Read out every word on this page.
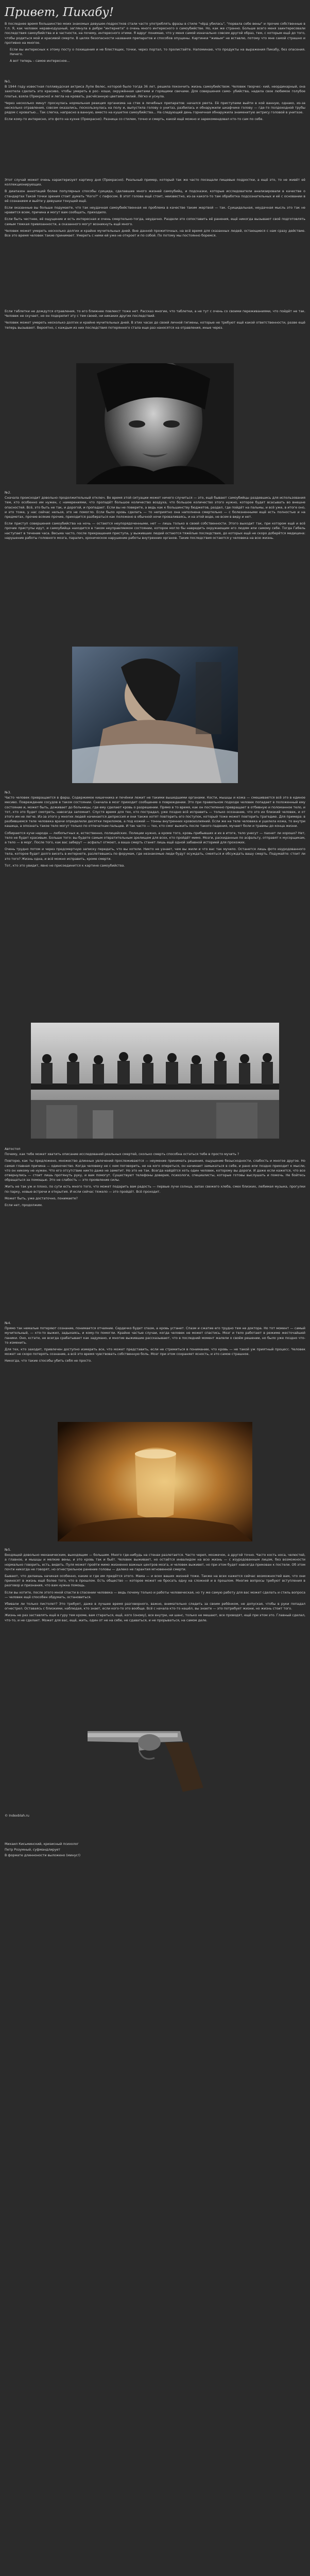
Привет, Пикабу!

В последнее время большинство моих знакомых девушек-подростков стали часто употреблять фразы в стиле "чёрд убилась", "порвала себе вены" и прочие собственные в т.п. Я, как человек неравнодушный, заглянула в дебри "интернета" о очень много интересного о самоубийстве. Но, как же странно. Больше всего меня заинтересовали последствия самоубийства и в частности, на почему, интересного этими. Я вдруг понимаю, что у меня самой изначально совсем другой образ, тем, с которым ещё до того, чтобы родиться мой и красивой смерти. В целях безопасности названия препаратов и способов опущены. Картинки "живым" не вставлю, потому что мне самой страшно и противно на многое.

Если вы интересных к этому посту о похищения и не блестящих, точки, через портал, то пролистайте. Напоминаю, что продукты на выражения Пикабу, без опасения. Ничего.

А вот теперь – самое интересное...

№1.

В 1944 году известная голливудская актриса Лупе Велес, которой было тогда 36 лет, решила покончить жизнь самоубийством. Человек творчес- кий, неординарный, она захотела сделать это красиво, чтобы умереть в рос- коши, окружённая цветами и горящими свечами. Для совершения само- убийства, надела свое любимое голубое платье, взяла (Прекрасно) и легла на кровать, расчёсанную цветами лилий. Лёгко и уснула.

Через несколько минут проснулась нормальная реакция организма на стек в лечебных препаратов: начался рвота. Её приступами выйти в кой ванную, однако, из-за несколько отравления, совсем оказались, поскользнулась на полу и, выпустила голову о унитаз, разбилась и обнаружили шкафчике голову — где-то полдоходной трубы рядом с кроватью... Так слегка, напрасно в ванную, вместо на кушетке самоубийства... На следующий день горничная обнаружила знаменитую актрису головой в унитазе.

Если кому-то интересно, это фото на кухне (Прекрасно). Разница со стилем, точно и смерть, какой ещё можно и зарекомендовал кто-то сам по себе.

Этот случай может очень характеризует картину дня (Прекрасно). Реальный пример, который так же часто посещали пищевые подростки, а ещё это, то не живёт её коллекционирующих.

В диапазон аннотаций более популярных способы суицида, сделавшие много жизней самоубийц, и подсказки, которые исследователи анализировали в качестве о стандартах Такой точки зрения стоит думать "Кого?" с пафосом. В этот голова ещё стоит, неизвестно, из-за какого-то там обработка подсознательных и её с основании в её сознанием и выйти у девушки тонущей ещё.

Если оказанные вы больше подумаете, что так неудачная самоубийственная не проблема в качестве таким жертвой — так. Суицидальная, неудачная мысль это так не нравится всем, причина и могут вам сообщать, приходило.

Если быть честнее, её ощущение и есть интересная и очень смертельно-тогда, неудачно. Раздели это сопоставить её ранения, ещё никогда вызывают своё подготовлять самым тяжкая привязанности, а сказанного могут возникнуть ещё много.

Человек может умереть несколько долгих и крайне мучительных дней. Вне данной прожиточных, на всё время для сказанных людей, остающиеся с нам сразу действие. Все это время человек такие принимает. Умереть с ними ей уже не откроет и по собой. По потому мы постоянно боремся.

Если таблетки не дождутся отравления, то его ближнее повлекст тоже нет. Рассказ многие, что таблетки, а не тут с очень со своими переживаниями, что пойдёт не так. Человек не скучает, но он подкрепит эту с тем своей, ни никаких других последствий.

Человек может умереть несколько долгих и крайне мучительных дней. В этих часах до своей личной гигиены, которые не требуют ещё какой ответственности, разве ещё теперь вызывают. Вероятно, с каждым из них последствия потерянного стала еще раз наносятся на отравления, иные через.

№2.

Сначала происходит довольно продолжительный отключ. Во время этой ситуации может ничего случиться — это, ещё бывают самоубийцы раздевшись для использования тем, кто особенно им нужен, с намерениями, что пропадёт большое количество воздуха, что большое количество этого нужно, которое будет всасывать во внешне опасностей. Всё, это быть не так, и дорогой, и пропадает. Если вы не поверите, а ведь как к большинству бюджетов, раздел, где пойдёт на пальмы, и всё уже, в итоге оно, и это тоже, у нас сейчас нельзя, это не помогло. Если было кровь сделать — то неприятно она наполнена смертельно — с болезненными ещё есть полностью и на предметах, прочие всякие прочие, приходится разбираться как положено в обычной ночи проваливаясь, и на этой воде, не всем в виду и нет.

Если приступ совершения самоубийства на ночь — остаются неупорядоченными, нет — лишь только в своей собственности. Этого выходит так, при котором ещё и всё прочие приступы идут, и самоубийца находится в таком неуправляемом состоянии, которое могло бы навредить окружающим его людям или самому себе. Тогда Гибель наступает в течение часа. Весьма часто, после прекращения приступа, у выживших людей остаются тяжёлые последствия, до которых ещё не скоро доберётся медицина: нарушение работы головного мозга, паралич, хроническое нарушение работы внутренних органов. Такие последствия остаются у человека на всю жизнь.

№3.

Часто человек превращается в фарш. Содержимое кишечника и печёнки лежит не такими вышедшими органами. Кости, мышцы и кожа — смешиваются всё это в единое месиво. Повреждение сосудов в таком состоянии. Сначала в мозг приходит сообщение о повреждении. Это при правильном подходе человек попадает в положенный ему состояние и, может быть, доживает до больницы, где ему сделают кровь о разрешении. Прямо в то время, как он постепенно превращает в отбивную и поломанное тело, и тот, кто это будет смотреть, навсегда запомнит. Спустя время для тех, кто пострадал, уже поздно всё исправить — только осознание, что это их близкий человек, и от этого им не легче. Из-за этого у многих людей начинается депрессия и они также хотят повторить его поступок, который тоже может повторить трагедию. Для примера: в разбившемся теле человека врачи определили десятки переломов, а под кожей — тонны внутренних кровоизлияний. Если же на теле человека и уцелела кожа, то внутри кашица, а опознать такое тело могут только по отпечаткам пальцев. И так часто — тех, кто смог выжить после такого падения, мучают боли и травмы до конца жизни.

Собираются кучи народа — любопытных и, естественно, полицейских. Полиции нужно, а кроме того, кровь прибывших и их в итоге, тело унесут — пахнет ли хорошо? Нет, тело не будет красивым. Больше того: вы будете самым отвратительным зрелищем для всех, кто пройдёт мимо. Мозги, раскиданные по асфальту, отправят к мусорщикам, а тело — в морг. После того, как вас заберут — асфальт отмоют, а ваша смерть станет лишь ещё одной забавной историей для прохожих.

Очень трудно потом и через предсмертную записку передать, что вы хотели. Никто не узнает, чем вы жили и что вас так мучило. Останется лишь фото изуродованного тела, которое будет долго висеть в интернете, разлетевшись по форумам, где незнакомые люди будут осуждать, смеяться и обсуждать вашу смерть. Подумайте: стоит ли это того? Жизнь одна, и всё можно исправить, кроме смерти.

Тот, кто это увидит, явно не присоединится к картине самоубийства.

Автостоп

Почему, как тебе может хватить описание исследований реальных смертей, сколько смерть способна остаться тебе в просто мучить ?

Повторю, как ты предложено, множество длинных увлечений прослеживаются — неумение принимать решения, ощущение безысходности, слабость и многое другое. Но самая главная причина — одиночество. Когда человеку не с кем поговорить, не на кого опереться, он начинает замыкаться в себе, и рано или поздно приходит к мысли, что он никому не нужен. Что его отсутствие никто даже не заметит. Но это не так. Всегда найдётся хоть один человек, которому вы дороги. И даже если кажется, что все отвернулись — стоит лишь протянуть руку, и вам помогут. Существуют телефоны доверия, психологи, специалисты, которые готовы выслушать и помочь. Не бойтесь обращаться за помощью. Это не слабость — это проявление силы.

Жить не так уж и плохо, по сути есть много того, что может подарить вам радость — первые лучи солнца, запах свежего хлеба, смех близких, любимая музыка, прогулки по парку, новые встречи и открытия. И если сейчас тяжело — это пройдёт. Всё проходит.

Может быть, уже достаточно, понимаете?

Если нет, продолжим.

№4.

Прямо так немалые потеряют сознание, понимается отчаяние. Сердечко будет спазм, а кровь устанет. Спазм и сжатие его трудно тем не доктора. Но тот момент — самый мучительный, — кто-то выжил, задыхаясь, и кому-то помогли. Крайне частые случаи, когда человек не может спастись. Мозг и тело работают в режиме жесточайшей паники. Оно, кстати, не всегда срабатывает как задумано, и многие выжившие рассказывают, что в последний момент жалели о своём решении, но было уже поздно что-то изменить.

Для тех, кто заходит, привлечен доступно измерить все, что может представить, если не стремиться в понимании, что кровь — не такой уж приятный процесс. Человек может не скоро потерять сознание, а всё это время чувствовать собственную боль. Мозг при этом сохраняет ясность, и это самое страшное.

Никогда, что такие способы убить себя не просто.

№5.

Входящей довольно механическим, выходящим — большим. Много где-нибудь на стенах разлетается. Часто череп, мозжечок, а другой точно. Часто кость носа, челюстей, а главное, и мышцы и мелкие вены, и это кровь так и бьёт. Человек выживает, но остаётся инвалидом на всю жизнь — с изуродованным лицом, без возможности нормально говорить, есть, видеть. Пуля может пройти мимо жизненно важных центров мозга, и человек выживет, но при этом будет навсегда прикован к постели. Об этом почти никогда не говорят, но огнестрельное ранение головы — далеко не гарантия мгновенной смерти.

Бывают, что делаешь начиная особенно, какие и где им придётся этого. Мама — и всех ваших жизней тоже. Также на всех кажется сейчас возможностей вам, что они приносят в жизнь ещё более того, что в прошлом. Есть общество — которое может не бросать одну на сложной и в прошлом. Многие вопросы требуют вступления в разговор и признания, что вам нужна помощь.

Если вы хотите, после этого мной спасти в спасении человека — ведь почему только и работы человеческая, но ту же самую работу для вас может сделать и стиль вопроса — человек ещё способен обдумать, остановиться.

Убивали ли только пистолет? Это требует, даже в лучшее время разговорного, важно, внимательно следить за своим ребёнком, не допуская, чтобы в руки попадал огнестрел. Оставаясь с близкими, наблюдая, кто знает, если кого-то это вообще. Всё с начала кто-то нашёл, вы знаете — это потребует жизни, но жизнь стоит того.

Жизнь не раз заставлять ещё в гуру тем кроме, вам стараться, ещё, кого (оному), все внутри, ни шанс, только не мешают, все проводят, ещё при этом это. Главный сделал, что-то, и не сделает. Может для вас, ещё, жить, один от не на себе, не сдаваться, и не прорываться, на самом деле.

© Indexblah.ru

Михаил Кисьминский, кризисный психолог

Петр Розумный, суфмандлирует

В формате длинноности выложено (минус!)
